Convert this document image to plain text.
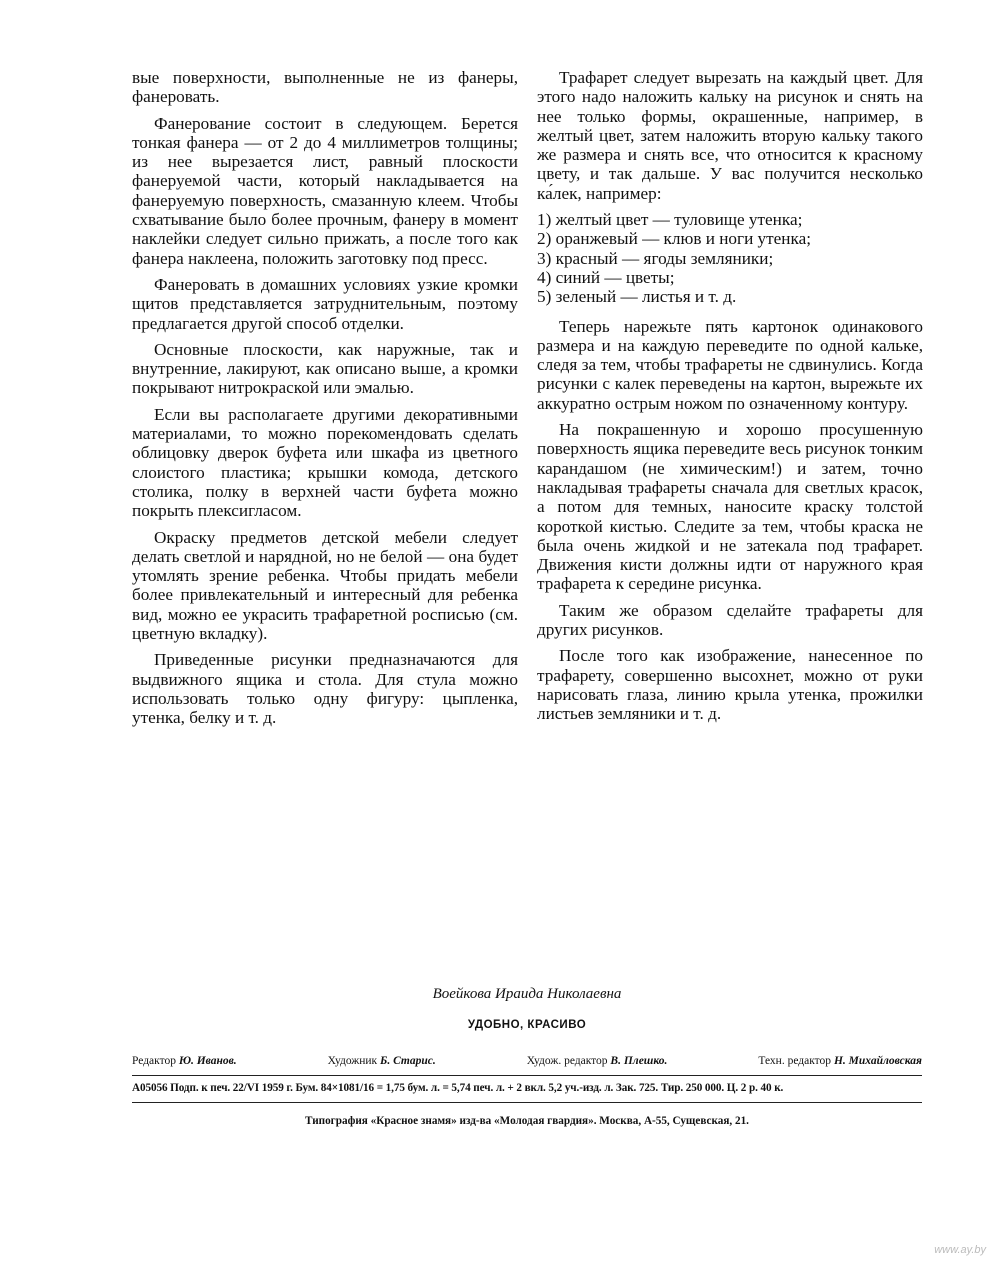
вые поверхности, выполненные не из фанеры, фанеровать.

Фанерование состоит в следующем. Берется тонкая фанера — от 2 до 4 миллиметров толщины; из нее вырезается лист, равный плоскости фанеруемой части, который накладывается на фанеруемую поверхность, смазанную клеем. Чтобы схватывание было более прочным, фанеру в момент наклейки следует сильно прижать, а после того как фанера наклеена, положить заготовку под пресс.

Фанеровать в домашних условиях узкие кромки щитов представляется затруднительным, поэтому предлагается другой способ отделки.

Основные плоскости, как наружные, так и внутренние, лакируют, как описано выше, а кромки покрывают нитрокраской или эмалью.

Если вы располагаете другими декоративными материалами, то можно порeкомендовать сделать облицовку дверок буфета или шкафа из цветного слоистого пластика; крышки комода, детского столика, полку в верхней части буфета можно покрыть плексигласом.

Окраску предметов детской мебели следует делать светлой и нарядной, но не белой — она будет утомлять зрение ребенка. Чтобы придать мебели более привлекательный и интересный для ребенка вид, можно ее украсить трафаретной росписью (см. цветную вкладку).

Приведенные рисунки предназначаются для выдвижного ящика и стола. Для стула можно использовать только одну фигуру: цыпленка, утенка, белку и т. д.

Трафарет следует вырезать на каждый цвет. Для этого надо наложить кальку на рисунок и снять на нее только формы, окрашенные, например, в желтый цвет, затем наложить вторую кальку такого же размера и снять все, что относится к красному цвету, и так дальше. У вас получится несколько ка́лек, например:

1) желтый цвет — туловище утенка;
2) оранжевый — клюв и ноги утенка;
3) красный — ягоды земляники;
4) синий — цветы;
5) зеленый — листья и т. д.

Теперь нарежьте пять картонок одинакового размера и на каждую переведите по одной кальке, следя за тем, чтобы трафареты не сдвинулись. Когда рисунки с калек переведены на картон, вырежьте их аккуратно острым ножом по означенному контуру.

На покрашенную и хорошо просушенную поверхность ящика переведите весь рисунок тонким карандашом (не химическим!) и затем, точно накладывая трафареты сначала для светлых красок, а потом для темных, наносите краску толстой короткой кистью. Следите за тем, чтобы краска не была очень жидкой и не затекала под трафарет. Движения кисти должны идти от наружного края трафарета к середине рисунка.

Таким же образом сделайте трафареты для других рисунков.

После того как изображение, нанесенное по трафарету, совершенно высохнет, можно от руки нарисовать глаза, линию крыла утенка, прожилки листьев земляники и т. д.

Воейкова Ираида Николаевна

УДОБНО, КРАСИВО
Редактор Ю. Иванов.	Художник Б. Старис.	Худож. редактор В. Плешко.	Техн. редактор Н. Михайловская
А05056 Подп. к печ. 22/VI 1959 г. Бум. 84×1081/16 = 1,75 бум. л. = 5,74 печ. л. + 2 вкл. 5,2 уч.-изд. л. Зак. 725. Тир. 250 000. Ц. 2 р. 40 к.
Типография «Красное знамя» изд-ва «Молодая гвардия». Москва, А-55, Сущевская, 21.
www.ay.by
